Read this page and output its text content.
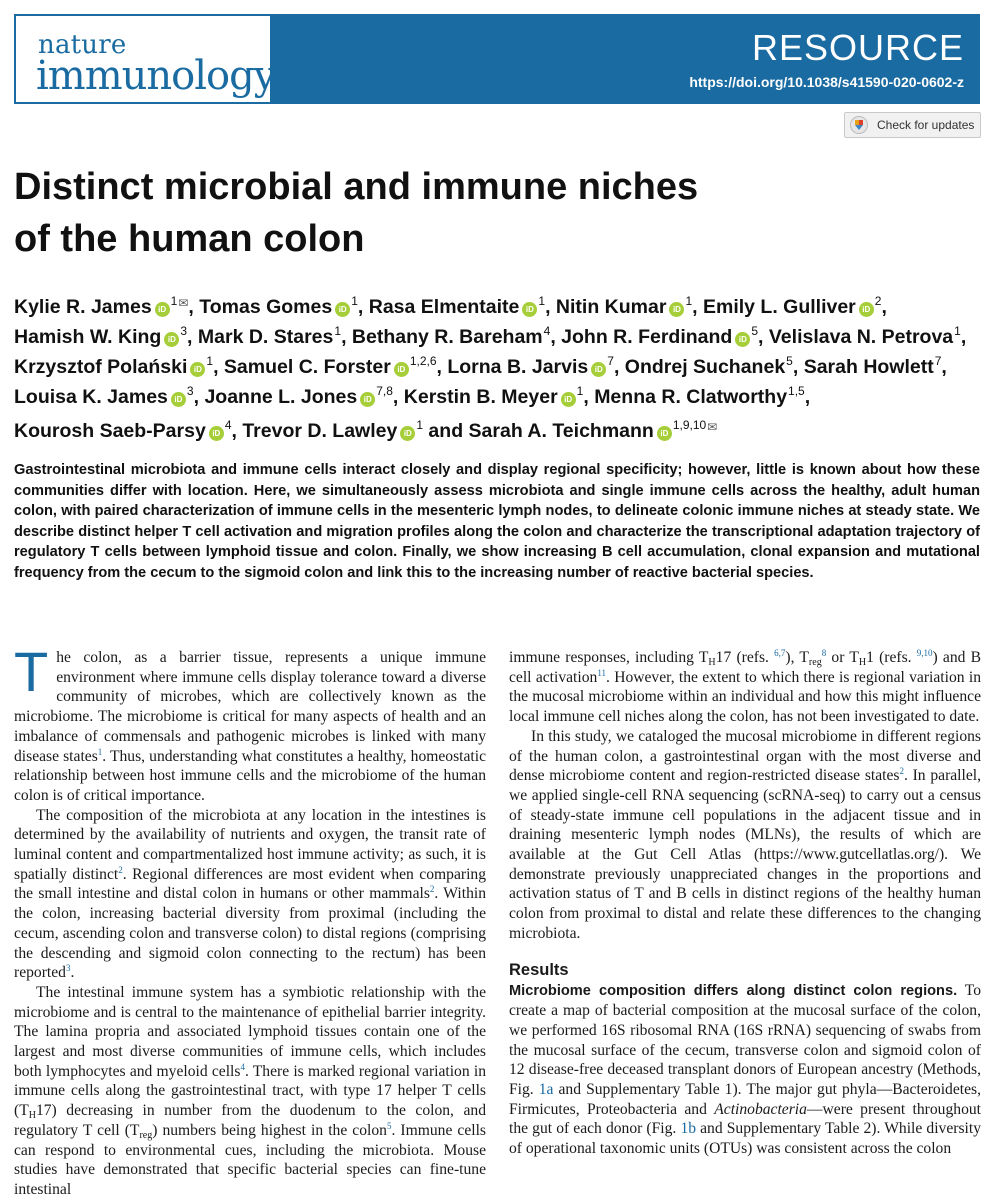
nature
immunology
RESOURCE
https://doi.org/10.1038/s41590-020-0602-z
Check for updates
Distinct microbial and immune niches
of the human colon
Kylie R. James iD$^{1✉}$, Tomas Gomes iD$^1$, Rasa Elmentaite iD$^1$, Nitin Kumar iD$^1$, Emily L. Gulliver iD$^2$, Hamish W. King iD$^3$, Mark D. Stares$^1$, Bethany R. Bareham$^4$, John R. Ferdinand iD$^5$, Velislava N. Petrova$^1$, Krzysztof Polański iD$^1$, Samuel C. Forster iD$^{1,2,6}$, Lorna B. Jarvis iD$^7$, Ondrej Suchanek$^5$, Sarah Howlett$^7$, Louisa K. James iD$^3$, Joanne L. Jones iD$^{7,8}$, Kerstin B. Meyer iD$^1$, Menna R. Clatworthy$^{1,5}$, Kourosh Saeb-Parsy iD$^4$, Trevor D. Lawley iD$^1$ and Sarah A. Teichmann iD$^{1,9,10✉}$

Gastrointestinal microbiota and immune cells interact closely and display regional specificity; however, little is known about how these communities differ with location. Here, we simultaneously assess microbiota and single immune cells across the healthy, adult human colon, with paired characterization of immune cells in the mesenteric lymph nodes, to delineate colonic immune niches at steady state. We describe distinct helper T cell activation and migration profiles along the colon and characterize the transcriptional adaptation trajectory of regulatory T cells between lymphoid tissue and colon. Finally, we show increasing B cell accumulation, clonal expansion and mutational frequency from the cecum to the sigmoid colon and link this to the increasing number of reactive bacterial species.

The colon, as a barrier tissue, represents a unique immune environment where immune cells display tolerance toward a diverse community of microbes, which are collectively known as the microbiome. The microbiome is critical for many aspects of health and an imbalance of commensals and pathogenic microbes is linked with many disease states$^1$. Thus, understanding what constitutes a healthy, homeostatic relationship between host immune cells and the microbiome of the human colon is of critical importance.

The composition of the microbiota at any location in the intestines is determined by the availability of nutrients and oxygen, the transit rate of luminal content and compartmentalized host immune activity; as such, it is spatially distinct$^2$. Regional differences are most evident when comparing the small intestine and distal colon in humans or other mammals$^2$. Within the colon, increasing bacterial diversity from proximal (including the cecum, ascending colon and transverse colon) to distal regions (comprising the descending and sigmoid colon connecting to the rectum) has been reported$^3$.

The intestinal immune system has a symbiotic relationship with the microbiome and is central to the maintenance of epithelial barrier integrity. The lamina propria and associated lymphoid tissues contain one of the largest and most diverse communities of immune cells, which includes both lymphocytes and myeloid cells$^4$. There is marked regional variation in immune cells along the gastrointestinal tract, with type 17 helper T cells $(T_H17)$ decreasing in number from the duodenum to the colon, and regulatory T cell $(T_{reg})$ numbers being highest in the colon$^5$. Immune cells can respond to environmental cues, including the microbiota. Mouse studies have demonstrated that specific bacterial species can fine-tune intestinal

immune responses, including $T_H17$ (refs. $^{6,7}$), $T_{reg}^8$ or $T_H1$ (refs. $^{9,10}$) and B cell activation$^{11}$. However, the extent to which there is regional variation in the mucosal microbiome within an individual and how this might influence local immune cell niches along the colon, has not been investigated to date.

In this study, we cataloged the mucosal microbiome in different regions of the human colon, a gastrointestinal organ with the most diverse and dense microbiome content and region-restricted disease states$^2$. In parallel, we applied single-cell RNA sequencing (scRNA-seq) to carry out a census of steady-state immune cell populations in the adjacent tissue and in draining mesenteric lymph nodes (MLNs), the results of which are available at the Gut Cell Atlas (https://www.gutcellatlas.org/). We demonstrate previously unappreciated changes in the proportions and activation status of T and B cells in distinct regions of the healthy human colon from proximal to distal and relate these differences to the changing microbiota.

Results

Microbiome composition differs along distinct colon regions. To create a map of bacterial composition at the mucosal surface of the colon, we performed 16S ribosomal RNA (16S rRNA) sequencing of swabs from the mucosal surface of the cecum, transverse colon and sigmoid colon of 12 disease-free deceased transplant donors of European ancestry (Methods, Fig. 1a and Supplementary Table 1). The major gut phyla—Bacteroidetes, Firmicutes, Proteobacteria and Actinobacteria—were present throughout the gut of each donor (Fig. 1b and Supplementary Table 2). While diversity of operational taxonomic units (OTUs) was consistent across the colon
